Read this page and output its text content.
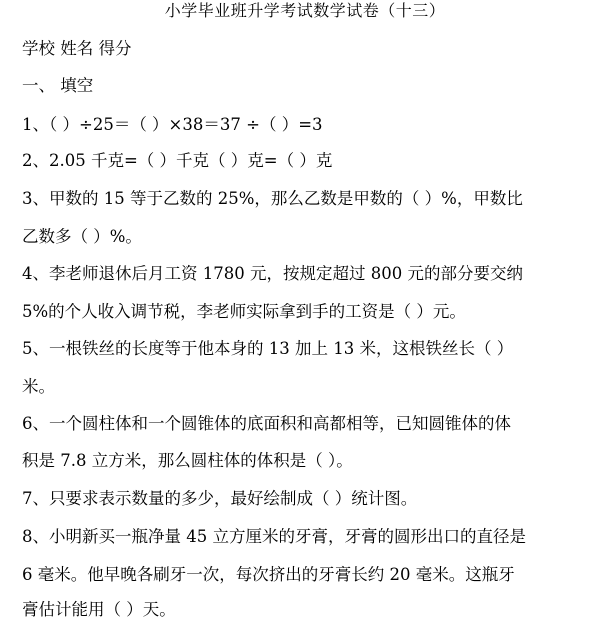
小学毕业班升学考试数学试卷（十三）
学校 姓名 得分
一、 填空
1、（ ）÷25＝（ ）×38＝37 ÷（ ）=3
2、2.05 千克=（ ）千克（ ）克=（ ）克
3、甲数的 15 等于乙数的 25%，那么乙数是甲数的（ ）%，甲数比
乙数多（ ）%。
4、李老师退休后月工资 1780 元，按规定超过 800 元的部分要交纳
5%的个人收入调节税，李老师实际拿到手的工资是（ ）元。
5、一根铁丝的长度等于他本身的 13 加上 13 米，这根铁丝长（ ）
米。
6、一个圆柱体和一个圆锥体的底面积和高都相等，已知圆锥体的体
积是 7.8 立方米，那么圆柱体的体积是（ ）。
7、只要求表示数量的多少，最好绘制成（ ）统计图。
8、小明新买一瓶净量 45 立方厘米的牙膏，牙膏的圆形出口的直径是
6 毫米。他早晚各刷牙一次，每次挤出的牙膏长约 20 毫米。这瓶牙
膏估计能用（ ）天。
